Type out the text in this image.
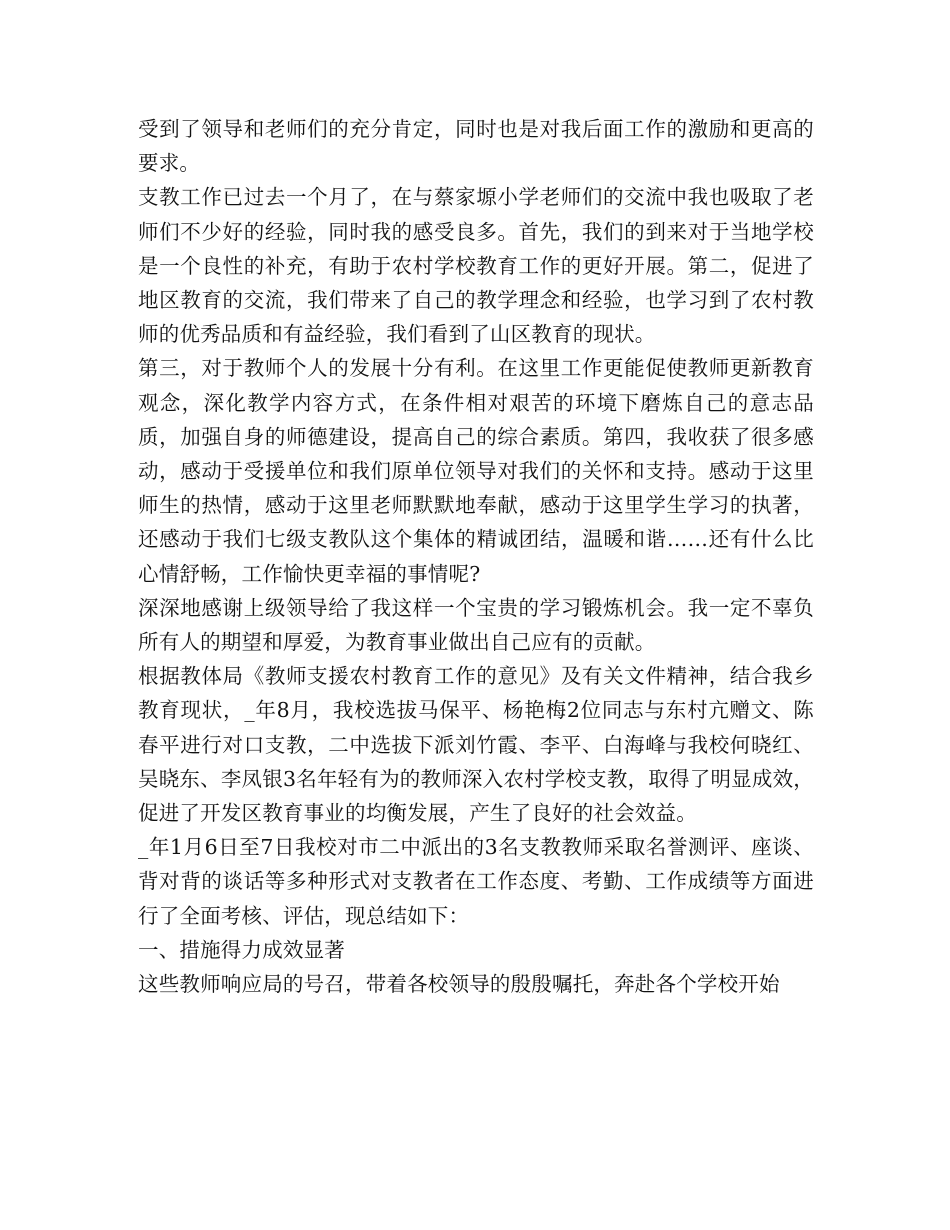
受到了领导和老师们的充分肯定，同时也是对我后面工作的激励和更高的要求。

支教工作已过去一个月了，在与蔡家塬小学老师们的交流中我也吸取了老师们不少好的经验，同时我的感受良多。首先，我们的到来对于当地学校是一个良性的补充，有助于农村学校教育工作的更好开展。第二，促进了地区教育的交流，我们带来了自己的教学理念和经验，也学习到了农村教师的优秀品质和有益经验，我们看到了山区教育的现状。

第三，对于教师个人的发展十分有利。在这里工作更能促使教师更新教育观念，深化教学内容方式，在条件相对艰苦的环境下磨炼自己的意志品质，加强自身的师德建设，提高自己的综合素质。第四，我收获了很多感动，感动于受援单位和我们原单位领导对我们的关怀和支持。感动于这里师生的热情，感动于这里老师默默地奉献，感动于这里学生学习的执著，还感动于我们七级支教队这个集体的精诚团结，温暖和谐……还有什么比心情舒畅，工作愉快更幸福的事情呢?

深深地感谢上级领导给了我这样一个宝贵的学习锻炼机会。我一定不辜负所有人的期望和厚爱，为教育事业做出自己应有的贡献。

根据教体局《教师支援农村教育工作的意见》及有关文件精神，结合我乡教育现状，_年8月，我校选拔马保平、杨艳梅2位同志与东村亢赠文、陈春平进行对口支教，二中选拔下派刘竹霞、李平、白海峰与我校何晓红、吴晓东、李凤银3名年轻有为的教师深入农村学校支教，取得了明显成效，促进了开发区教育事业的均衡发展，产生了良好的社会效益。

_年1月6日至7日我校对市二中派出的3名支教教师采取名誉测评、座谈、背对背的谈话等多种形式对支教者在工作态度、考勤、工作成绩等方面进行了全面考核、评估，现总结如下：

一、措施得力成效显著

这些教师响应局的号召，带着各校领导的殷殷嘱托，奔赴各个学校开始
